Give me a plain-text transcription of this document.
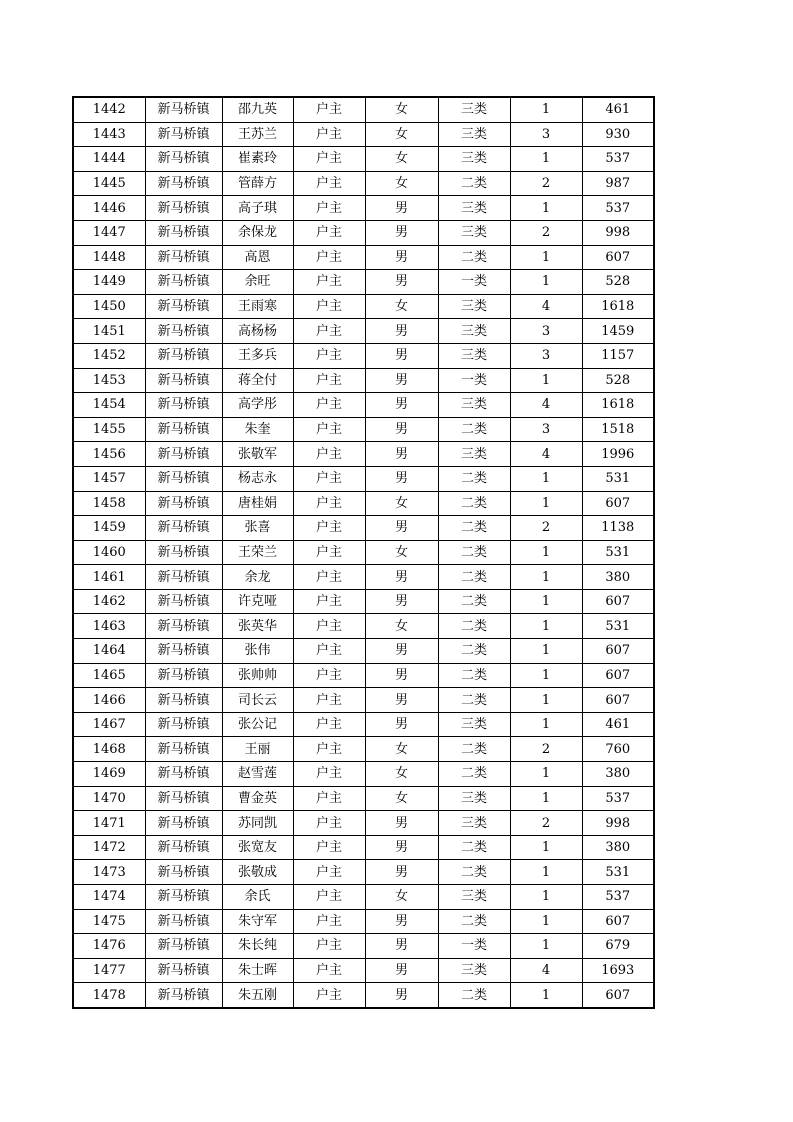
1442	新马桥镇	邵九英	户主	女	三类	1	461
1443	新马桥镇	王苏兰	户主	女	三类	3	930
1444	新马桥镇	崔素玲	户主	女	三类	1	537
1445	新马桥镇	管薛方	户主	女	二类	2	987
1446	新马桥镇	高子琪	户主	男	三类	1	537
1447	新马桥镇	余保龙	户主	男	三类	2	998
1448	新马桥镇	高恩	户主	男	二类	1	607
1449	新马桥镇	余旺	户主	男	一类	1	528
1450	新马桥镇	王雨寒	户主	女	三类	4	1618
1451	新马桥镇	高杨杨	户主	男	三类	3	1459
1452	新马桥镇	王多兵	户主	男	三类	3	1157
1453	新马桥镇	蒋全付	户主	男	一类	1	528
1454	新马桥镇	高学彤	户主	男	三类	4	1618
1455	新马桥镇	朱奎	户主	男	二类	3	1518
1456	新马桥镇	张敬军	户主	男	三类	4	1996
1457	新马桥镇	杨志永	户主	男	二类	1	531
1458	新马桥镇	唐桂娟	户主	女	二类	1	607
1459	新马桥镇	张喜	户主	男	二类	2	1138
1460	新马桥镇	王荣兰	户主	女	二类	1	531
1461	新马桥镇	余龙	户主	男	二类	1	380
1462	新马桥镇	许克哑	户主	男	二类	1	607
1463	新马桥镇	张英华	户主	女	二类	1	531
1464	新马桥镇	张伟	户主	男	二类	1	607
1465	新马桥镇	张帅帅	户主	男	二类	1	607
1466	新马桥镇	司长云	户主	男	二类	1	607
1467	新马桥镇	张公记	户主	男	三类	1	461
1468	新马桥镇	王丽	户主	女	二类	2	760
1469	新马桥镇	赵雪莲	户主	女	二类	1	380
1470	新马桥镇	曹金英	户主	女	三类	1	537
1471	新马桥镇	苏同凯	户主	男	三类	2	998
1472	新马桥镇	张宽友	户主	男	二类	1	380
1473	新马桥镇	张敬成	户主	男	二类	1	531
1474	新马桥镇	余氏	户主	女	三类	1	537
1475	新马桥镇	朱守军	户主	男	二类	1	607
1476	新马桥镇	朱长纯	户主	男	一类	1	679
1477	新马桥镇	朱士晖	户主	男	三类	4	1693
1478	新马桥镇	朱五刚	户主	男	二类	1	607
